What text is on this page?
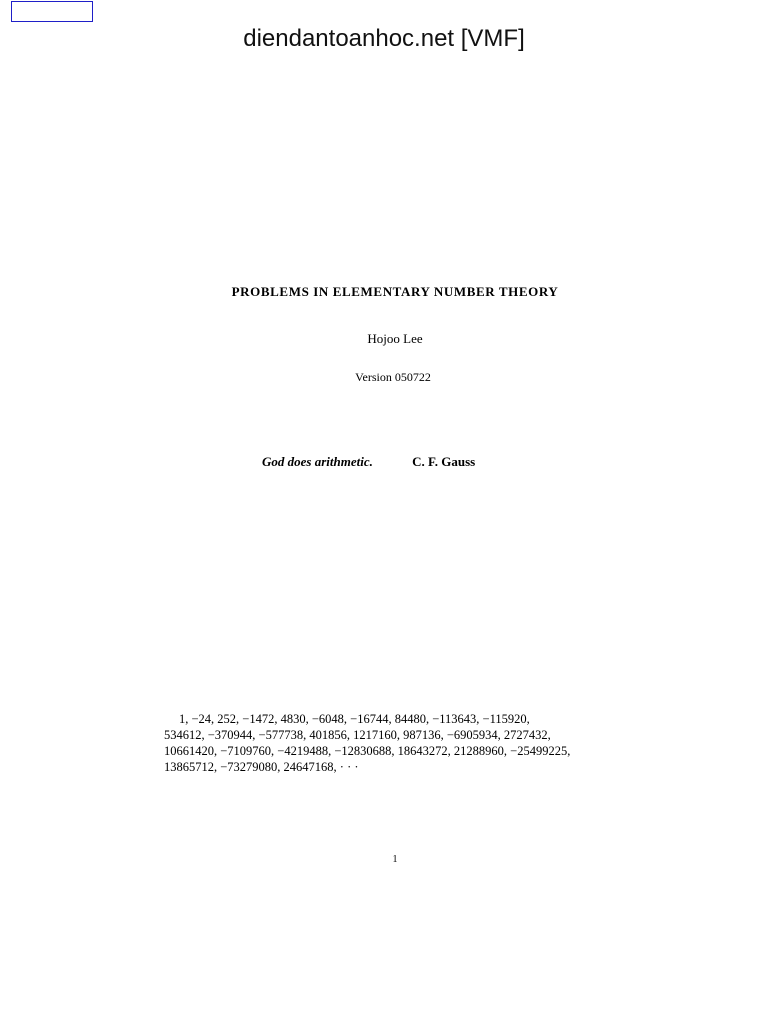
diendantoanhoc.net [VMF]
PROBLEMS IN ELEMENTARY NUMBER THEORY
Hojoo Lee
Version 050722
God does arithmetic.	C. F. Gauss
1, −24, 252, −1472, 4830, −6048, −16744, 84480, −113643, −115920,
534612, −370944, −577738, 401856, 1217160, 987136, −6905934, 2727432,
10661420, −7109760, −4219488, −12830688, 18643272, 21288960, −25499225,
13865712, −73279080, 24647168, · · ·
1
